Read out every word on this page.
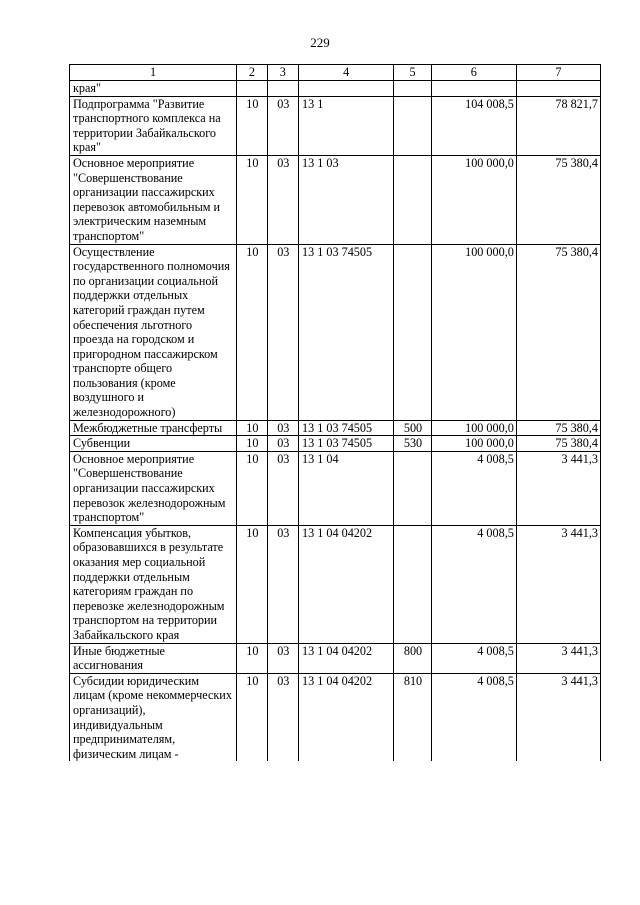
229
1	2	3	4	5	6	7
края"						
Подпрограмма "Развитие транспортного комплекса на территории Забайкальского края"	10	03	13 1		104 008,5	78 821,7
Основное мероприятие "Совершенствование организации пассажирских перевозок автомобильным и электрическим наземным транспортом"	10	03	13 1 03		100 000,0	75 380,4
Осуществление государственного полномочия по организации социальной поддержки отдельных категорий граждан путем обеспечения льготного проезда на городском и пригородном пассажирском транспорте общего пользования (кроме воздушного и железнодорожного)	10	03	13 1 03 74505		100 000,0	75 380,4
Межбюджетные трансферты	10	03	13 1 03 74505	500	100 000,0	75 380,4
Субвенции	10	03	13 1 03 74505	530	100 000,0	75 380,4
Основное мероприятие "Совершенствование организации пассажирских перевозок железнодорожным транспортом"	10	03	13 1 04		4 008,5	3 441,3
Компенсация убытков, образовавшихся в результате оказания мер социальной поддержки отдельным категориям граждан по перевозке железнодорожным транспортом на территории Забайкальского края	10	03	13 1 04 04202		4 008,5	3 441,3
Иные бюджетные ассигнования	10	03	13 1 04 04202	800	4 008,5	3 441,3
Субсидии юридическим лицам (кроме некоммерческих организаций), индивидуальным предпринимателям, физическим лицам -	10	03	13 1 04 04202	810	4 008,5	3 441,3
